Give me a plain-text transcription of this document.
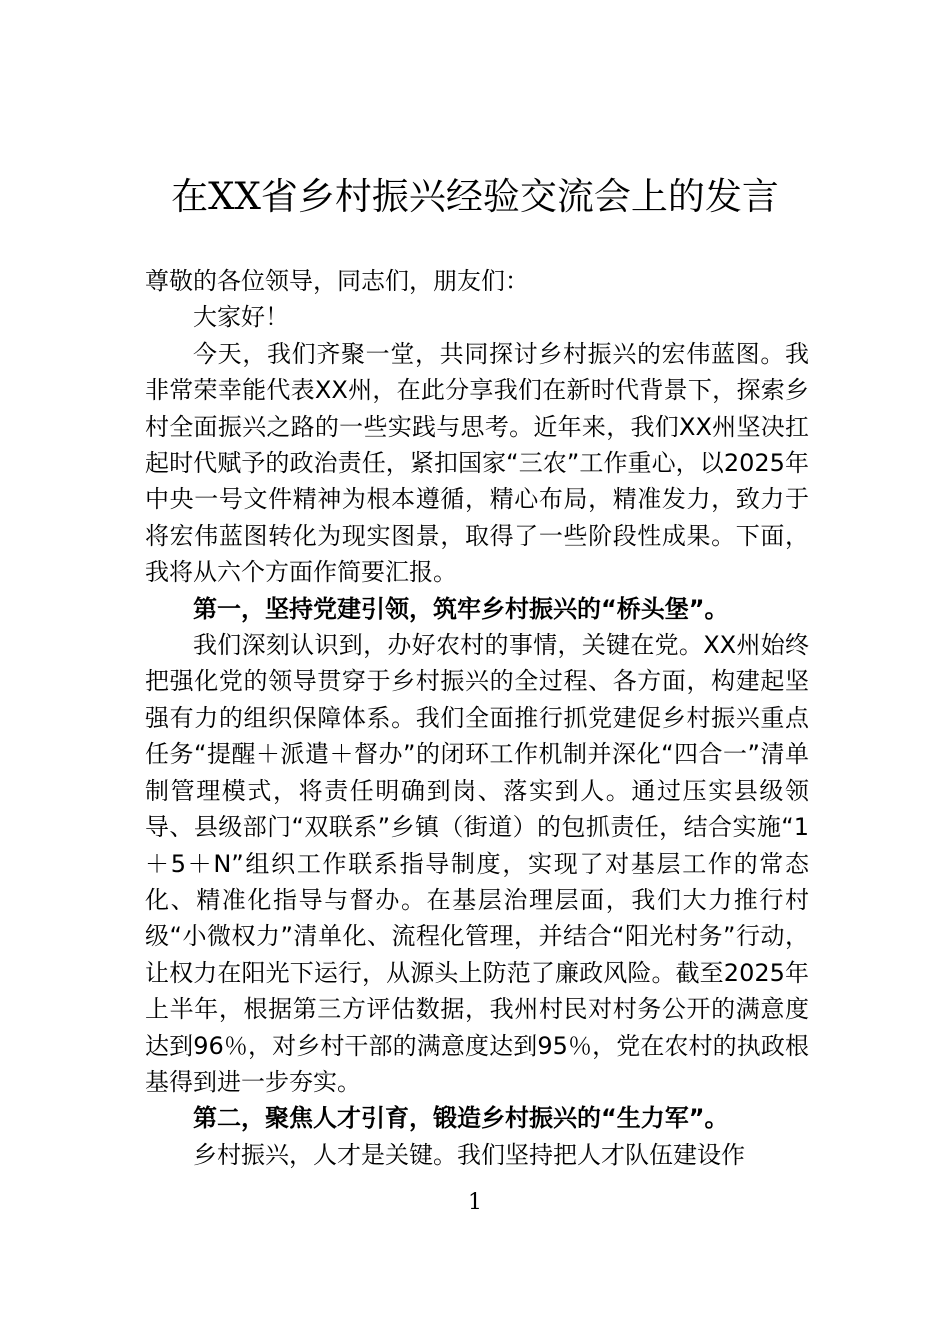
在XX省乡村振兴经验交流会上的发言

尊敬的各位领导，同志们，朋友们：

大家好！

今天，我们齐聚一堂，共同探讨乡村振兴的宏伟蓝图。我非常荣幸能代表XX州，在此分享我们在新时代背景下，探索乡村全面振兴之路的一些实践与思考。近年来，我们XX州坚决扛起时代赋予的政治责任，紧扣国家“三农”工作重心，以2025年中央一号文件精神为根本遵循，精心布局，精准发力，致力于将宏伟蓝图转化为现实图景，取得了一些阶段性成果。下面，我将从六个方面作简要汇报。

第一，坚持党建引领，筑牢乡村振兴的“桥头堡”。

我们深刻认识到，办好农村的事情，关键在党。XX州始终把强化党的领导贯穿于乡村振兴的全过程、各方面，构建起坚强有力的组织保障体系。我们全面推行抓党建促乡村振兴重点任务“提醒＋派遣＋督办”的闭环工作机制并深化“四合一”清单制管理模式，将责任明确到岗、落实到人。通过压实县级领导、县级部门“双联系”乡镇（街道）的包抓责任，结合实施“1＋5＋N”组织工作联系指导制度，实现了对基层工作的常态化、精准化指导与督办。在基层治理层面，我们大力推行村级“小微权力”清单化、流程化管理，并结合“阳光村务”行动，让权力在阳光下运行，从源头上防范了廉政风险。截至2025年上半年，根据第三方评估数据，我州村民对村务公开的满意度达到96％，对乡村干部的满意度达到95％，党在农村的执政根基得到进一步夯实。

第二，聚焦人才引育，锻造乡村振兴的“生力军”。

乡村振兴，人才是关键。我们坚持把人才队伍建设作

1
